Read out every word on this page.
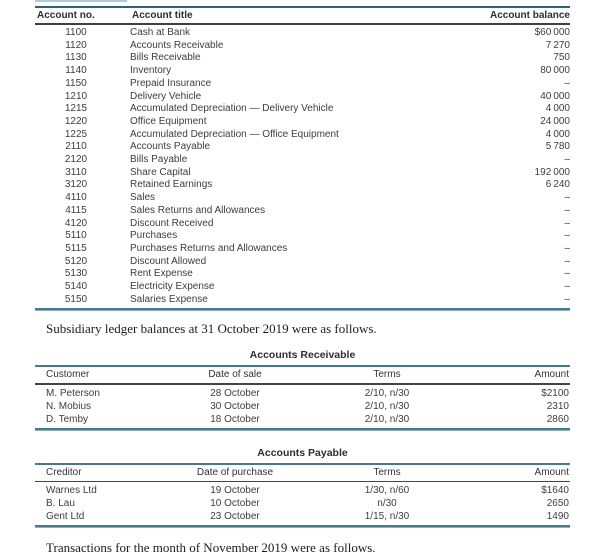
Account no.	Account title	Account balance
1100	Cash at Bank	$60 000
1120	Accounts Receivable	7 270
1130	Bills Receivable	750
1140	Inventory	80 000
1150	Prepaid Insurance	–
1210	Delivery Vehicle	40 000
1215	Accumulated Depreciation — Delivery Vehicle	4 000
1220	Office Equipment	24 000
1225	Accumulated Depreciation — Office Equipment	4 000
2110	Accounts Payable	5 780
2120	Bills Payable	–
3110	Share Capital	192 000
3120	Retained Earnings	6 240
4110	Sales	–
4115	Sales Returns and Allowances	–
4120	Discount Received	–
5110	Purchases	–
5115	Purchases Returns and Allowances	–
5120	Discount Allowed	–
5130	Rent Expense	–
5140	Electricity Expense	–
5150	Salaries Expense	–

Subsidiary ledger balances at 31 October 2019 were as follows.

Accounts Receivable
Customer	Date of sale	Terms	Amount
M. Peterson	28 October	2/10, n/30	$2100
N. Mobius	30 October	2/10, n/30	2310
D. Temby	18 October	2/10, n/30	2860
Accounts Payable
Creditor	Date of purchase	Terms	Amount
Warnes Ltd	19 October	1/30, n/60	$1640
B. Lau	10 October	n/30	2650
Gent Ltd	23 October	1/15, n/30	1490

Transactions for the month of November 2019 were as follows.
